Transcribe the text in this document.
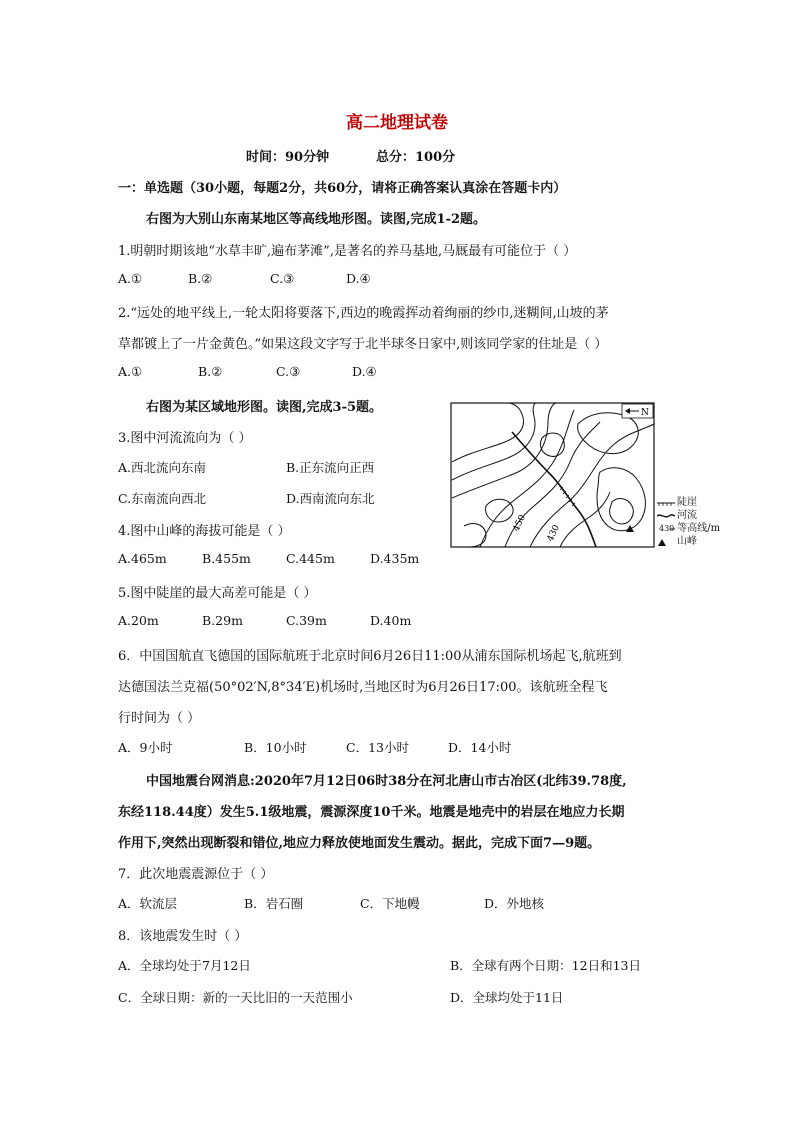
高二地理试卷
时间：90分钟	总分：100分
一：单选题（30小题，每题2分，共60分，请将正确答案认真涂在答题卡内）
右图为大别山东南某地区等高线地形图。读图,完成1-2题。
1.明朝时期该地“水草丰旷,遍布茅滩”,是著名的养马基地,马厩最有可能位于（ ）
A.①	B.②	C.③	D.④
2.“远处的地平线上,一轮太阳将要落下,西边的晚霞挥动着绚丽的纱巾,迷糊间,山坡的茅
草都镀上了一片金黄色。”如果这段文字写于北半球冬日家中,则该同学家的住址是（ ）
A.①	B.②	C.③	D.④
右图为某区域地形图。读图,完成3-5题。
3.图中河流流向为（ ）
A.西北流向东南	B.正东流向正西
C.东南流向西北	D.西南流向东北
4.图中山峰的海拔可能是（ ）
A.465m	B.455m	C.445m	D.435m
5.图中陡崖的最大高差可能是（ ）
A.20m	B.29m	C.39m	D.40m
N
450
430
陡崖
河流
430 等高线/m
山峰
6．中国国航直飞德国的国际航班于北京时间6月26日11:00从浦东国际机场起飞,航班到
达德国法兰克福(50°02′N,8°34′E)机场时,当地区时为6月26日17:00。该航班全程飞
行时间为（ ）
A．9小时	B．10小时	C．13小时	D．14小时
中国地震台网消息:2020年7月12日06时38分在河北唐山市古冶区(北纬39.78度,
东经118.44度）发生5.1级地震，震源深度10千米。地震是地壳中的岩层在地应力长期
作用下,突然出现断裂和错位,地应力释放使地面发生震动。据此，完成下面7—9题。
7．此次地震震源位于（ ）
A．软流层	B．岩石圈	C．下地幔	D．外地核
8．该地震发生时（ ）
A．全球均处于7月12日	B．全球有两个日期：12日和13日
C．全球日期：新的一天比旧的一天范围小	D．全球均处于11日
